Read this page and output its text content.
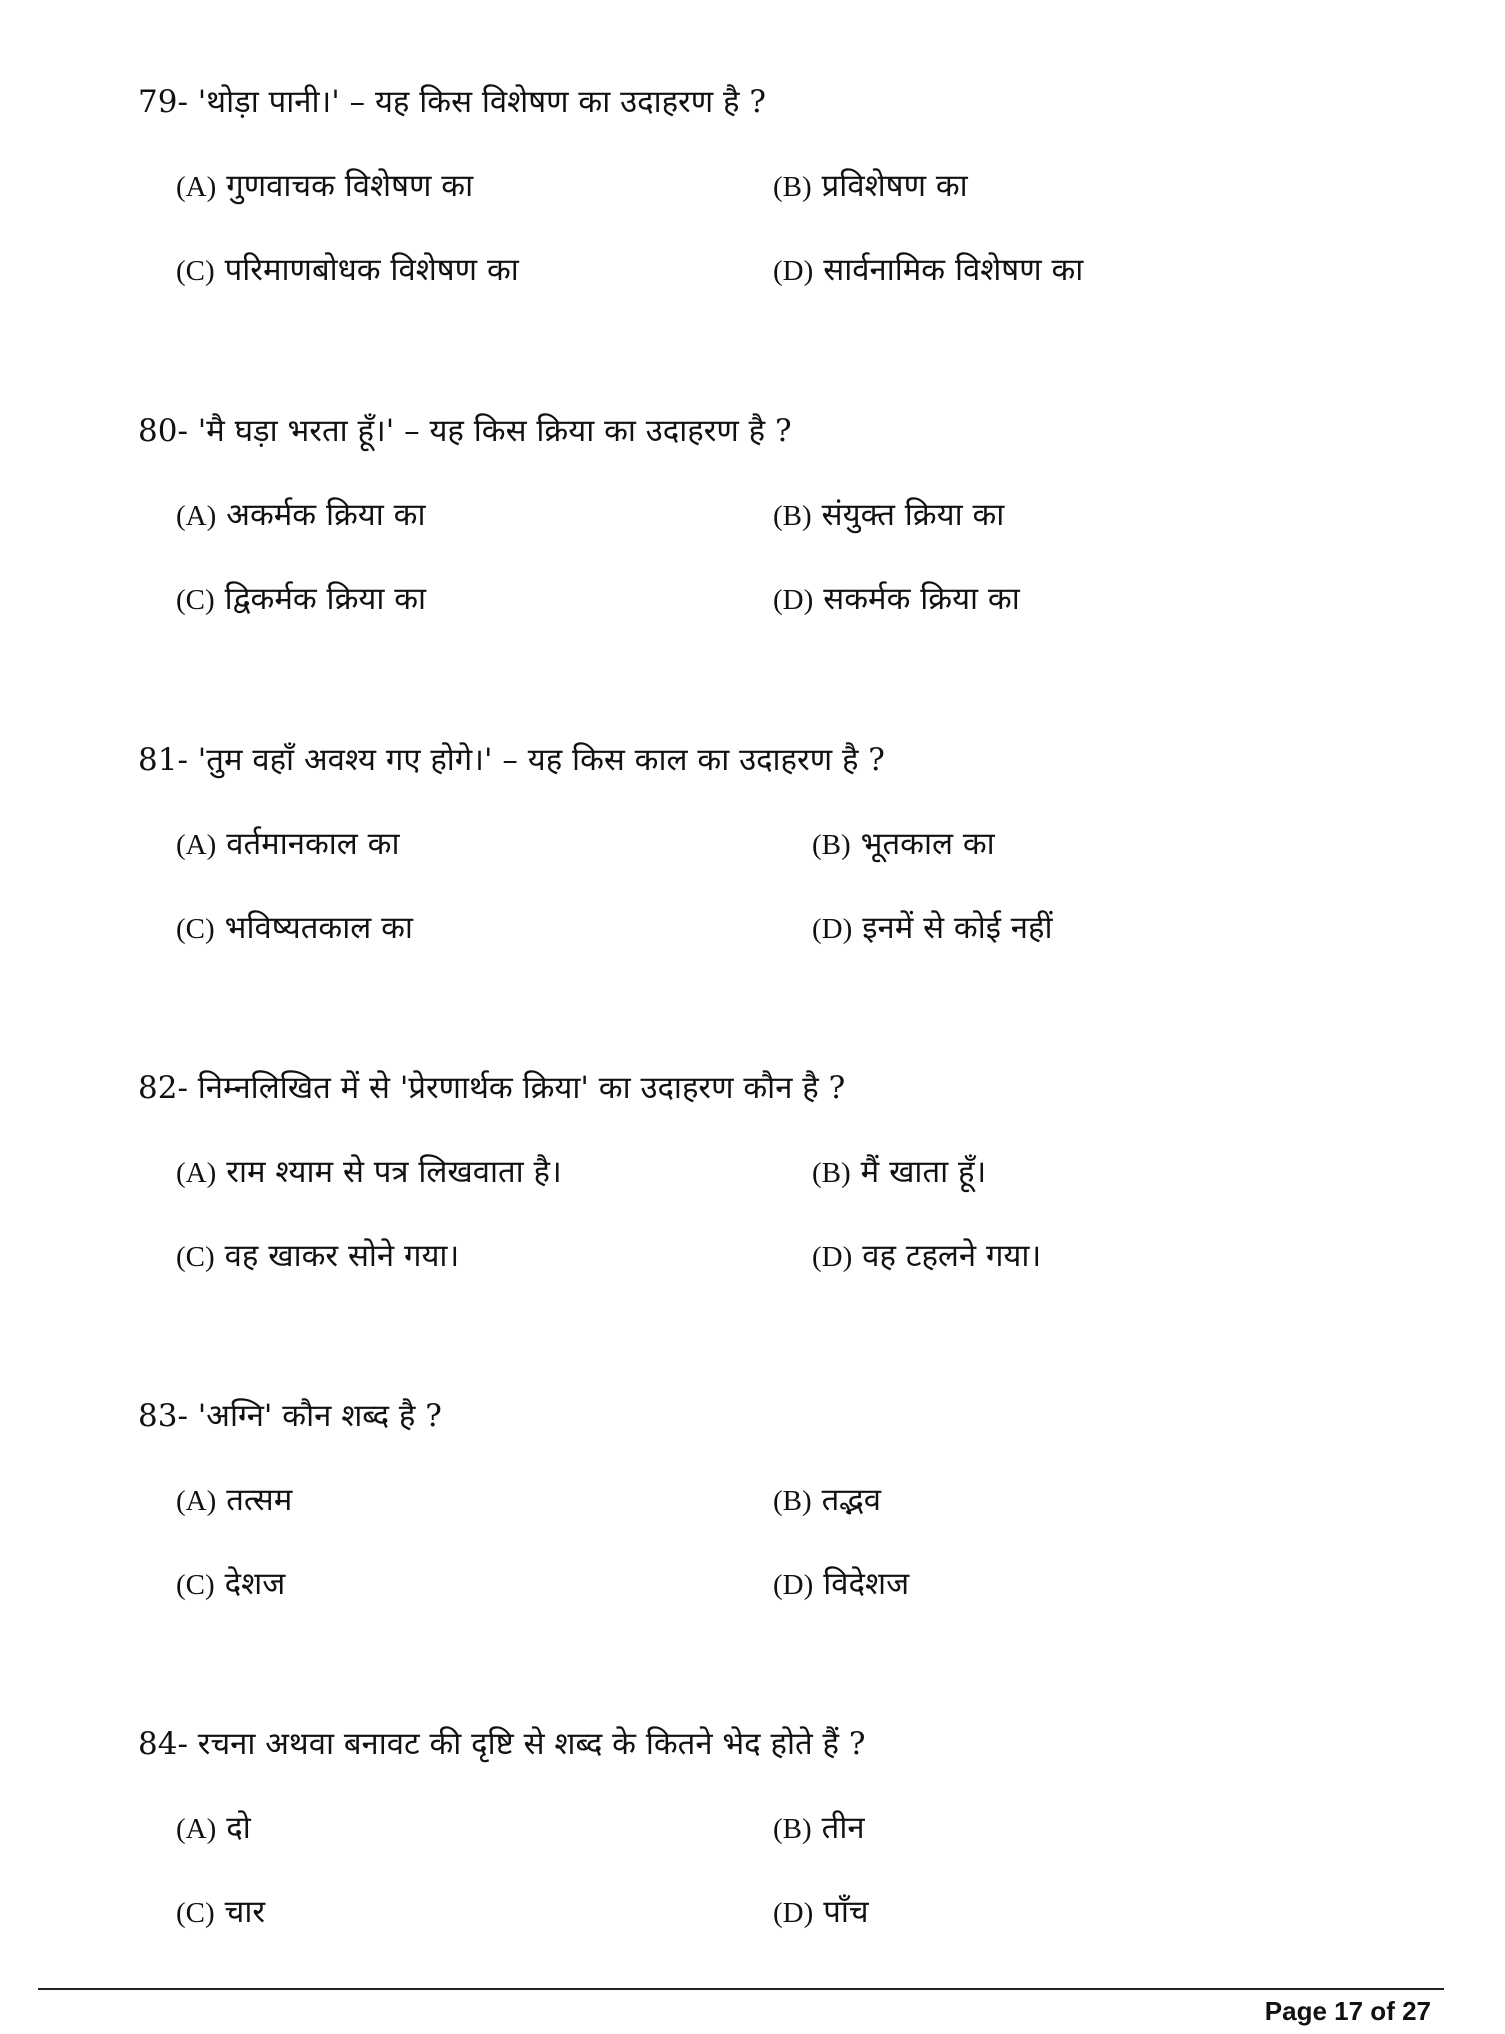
79- 'थोड़ा पानी।' – यह किस विशेषण का उदाहरण है ?
(A) गुणवाचक विशेषण का	(B) प्रविशेषण का
(C) परिमाणबोधक विशेषण का	(D) सार्वनामिक विशेषण का
80- 'मै घड़ा भरता हूँ।' – यह किस क्रिया का उदाहरण है ?
(A) अकर्मक क्रिया का	(B) संयुक्त क्रिया का
(C) द्विकर्मक क्रिया का	(D) सकर्मक क्रिया का
81- 'तुम वहाँ अवश्य गए होगे।' – यह किस काल का उदाहरण है ?
(A) वर्तमानकाल का	(B) भूतकाल का
(C) भविष्यतकाल का	(D) इनमें से कोई नहीं
82- निम्नलिखित में से 'प्रेरणार्थक क्रिया' का उदाहरण कौन है ?
(A) राम श्याम से पत्र लिखवाता है।	(B) मैं खाता हूँ।
(C) वह खाकर सोने गया।	(D) वह टहलने गया।
83- 'अग्नि' कौन शब्द है ?
(A) तत्सम	(B) तद्भव
(C) देशज	(D) विदेशज
84- रचना अथवा बनावट की दृष्टि से शब्द के कितने भेद होते हैं ?
(A) दो	(B) तीन
(C) चार	(D) पाँच
Page 17 of 27
